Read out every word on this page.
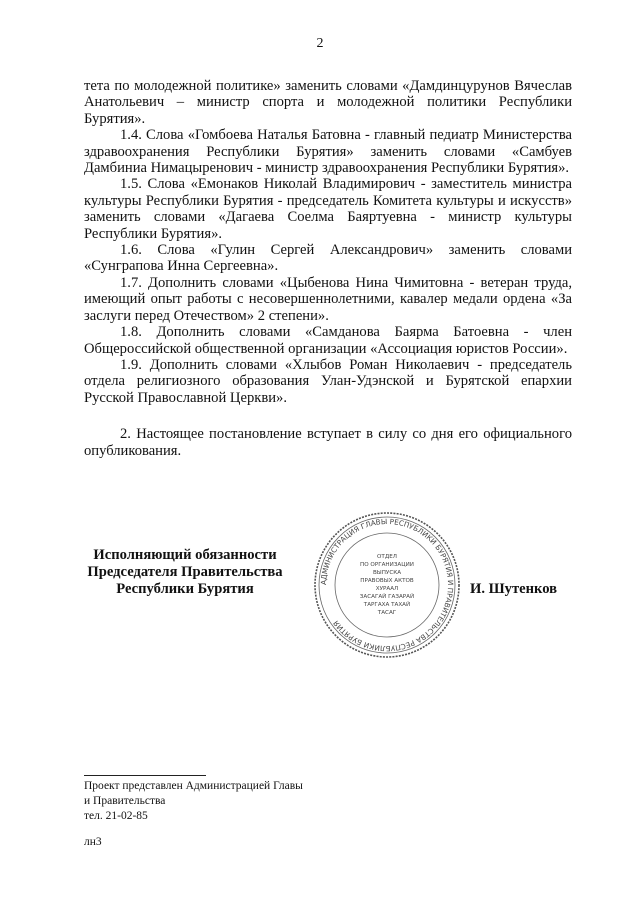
2

тета по молодежной политике» заменить словами «Дамдинцурунов Вячеслав Анатольевич – министр спорта и молодежной политики Республики Бурятия».

1.4. Слова «Гомбоева Наталья Батовна - главный педиатр Министерства здравоохранения Республики Бурятия» заменить словами «Самбуев Дамбиниа Нимацыренович - министр здравоохранения Республики Бурятия».

1.5. Слова «Емонаков Николай Владимирович - заместитель министра культуры Республики Бурятия - председатель Комитета культуры и искусств» заменить словами «Дагаева Соелма Баяртуевна - министр культуры Республики Бурятия».

1.6. Слова «Гулин Сергей Александрович» заменить словами «Сунграпова Инна Сергеевна».

1.7. Дополнить словами «Цыбенова Нина Чимитовна - ветеран труда, имеющий опыт работы с несовершеннолетними, кавалер медали ордена «За заслуги перед Отечеством» 2 степени».

1.8. Дополнить словами «Самданова Баярма Батоевна - член Общероссийской общественной организации «Ассоциация юристов России».

1.9. Дополнить словами «Хлыбов Роман Николаевич - председатель отдела религиозного образования Улан-Удэнской и Бурятской епархии Русской Православной Церкви».

2. Настоящее постановление вступает в силу со дня его официального опубликования.

Исполняющий обязанности
Председателя Правительства
Республики Бурятия	АДМИНИСТРАЦИЯ ГЛАВЫ РЕСПУБЛИКИ БУРЯТИЯ И ПРАВИТЕЛЬСТВА РЕСПУБЛИКИ БУРЯТИЯ
ОТДЕЛ
ПО ОРГАНИЗАЦИИ
ВЫПУСКА
ПРАВОВЫХ АКТОВ
ХУРААЛ
ЗАСАГАЙ ГАЗАРАЙ
ТАРГАХА ТАХАЙ
ТАСАГ
И. Шутенков
Проект представлен Администрацией Главы
и Правительства
тел. 21-02-85
лн3
